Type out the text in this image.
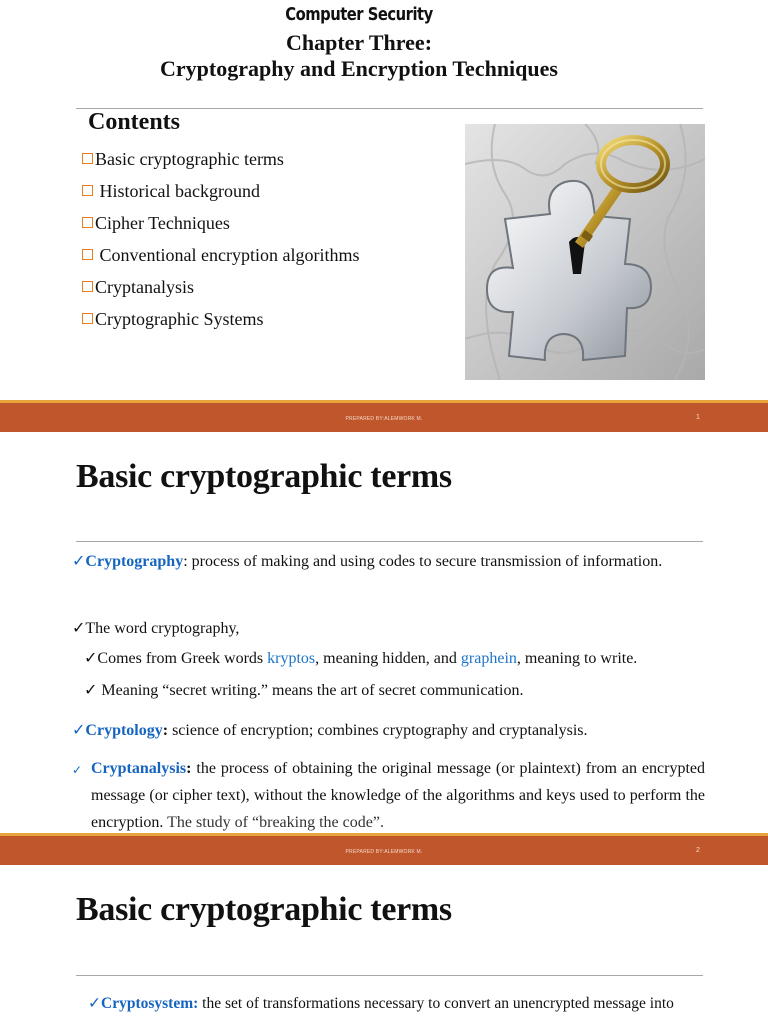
Computer Security
Chapter Three:
Cryptography and Encryption Techniques
Contents
Basic cryptographic terms
Historical background
Cipher Techniques
Conventional encryption algorithms
Cryptanalysis
Cryptographic Systems
PREPARED BY:ALEMWORK M.	1
Basic cryptographic terms
✓Cryptography: process of making and using codes to secure transmission of information.
✓The word cryptography,
✓Comes from Greek words kryptos, meaning hidden, and graphein, meaning to write.
✓ Meaning “secret writing.” means the art of secret communication.
✓Cryptology: science of encryption; combines cryptography and cryptanalysis.
✓ Cryptanalysis: the process of obtaining the original message (or plaintext) from an encrypted message (or cipher text), without the knowledge of the algorithms and keys used to perform the encryption. The study of “breaking the code”.
PREPARED BY:ALEMWORK M.	2
Basic cryptographic terms
✓Cryptosystem: the set of transformations necessary to convert an unencrypted message into
